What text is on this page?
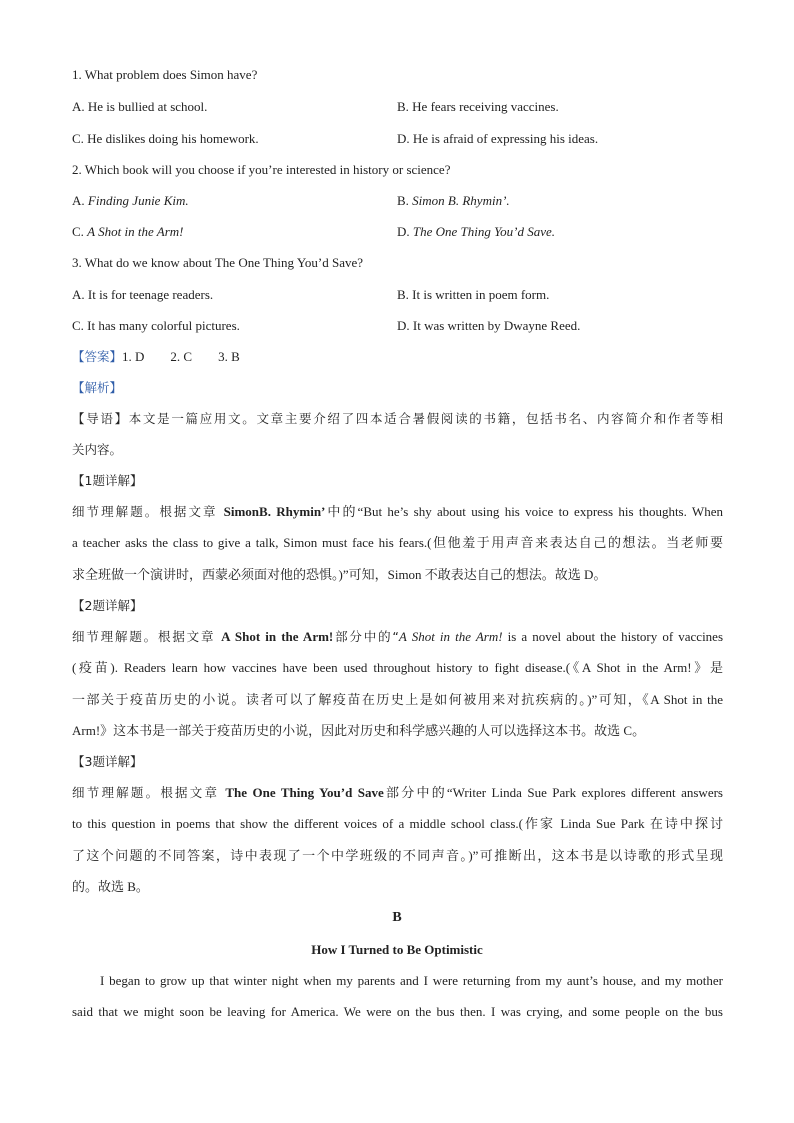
1. What problem does Simon have?
A. He is bullied at school.	B. He fears receiving vaccines.
C. He dislikes doing his homework.	D. He is afraid of expressing his ideas.
2. Which book will you choose if you’re interested in history or science?
A. Finding Junie Kim.	B. Simon B. Rhymin’.
C. A Shot in the Arm!	D. The One Thing You’d Save.
3. What do we know about The One Thing You’d Save?
A. It is for teenage readers.	B. It is written in poem form.
C. It has many colorful pictures.	D. It was written by Dwayne Reed.
【答案】1. D        2. C        3. B
【解析】
【导语】本文是一篇应用文。文章主要介绍了四本适合暑假阅读的书籍，包括书名、内容简介和作者等相
关内容。
【1题详解】
细节理解题。根据文章 SimonB. Rhymin’中的“But he’s shy about using his voice to express his thoughts. When
a teacher asks the class to give a talk, Simon must face his fears.(但他羞于用声音来表达自己的想法。当老师要
求全班做一个演讲时，西蒙必须面对他的恐惧。)”可知，Simon 不敢表达自己的想法。故选 D。
【2题详解】
细节理解题。根据文章 A Shot in the Arm!部分中的“A Shot in the Arm! is a novel about the history of vaccines
(疫苗). Readers learn how vaccines have been used throughout history to fight disease.(《A Shot in the Arm!》是
一部关于疫苗历史的小说。读者可以了解疫苗在历史上是如何被用来对抗疾病的。)”可知，《A Shot in the
Arm!》这本书是一部关于疫苗历史的小说，因此对历史和科学感兴趣的人可以选择这本书。故选 C。
【3题详解】
细节理解题。根据文章 The One Thing You’d Save部分中的“Writer Linda Sue Park explores different answers
to this question in poems that show the different voices of a middle school class.(作家 Linda Sue Park 在诗中探讨
了这个问题的不同答案，诗中表现了一个中学班级的不同声音。)”可推断出，这本书是以诗歌的形式呈现
的。故选 B。
B
How I Turned to Be Optimistic
I began to grow up that winter night when my parents and I were returning from my aunt’s house, and my mother
said that we might soon be leaving for America. We were on the bus then. I was crying, and some people on the bus
